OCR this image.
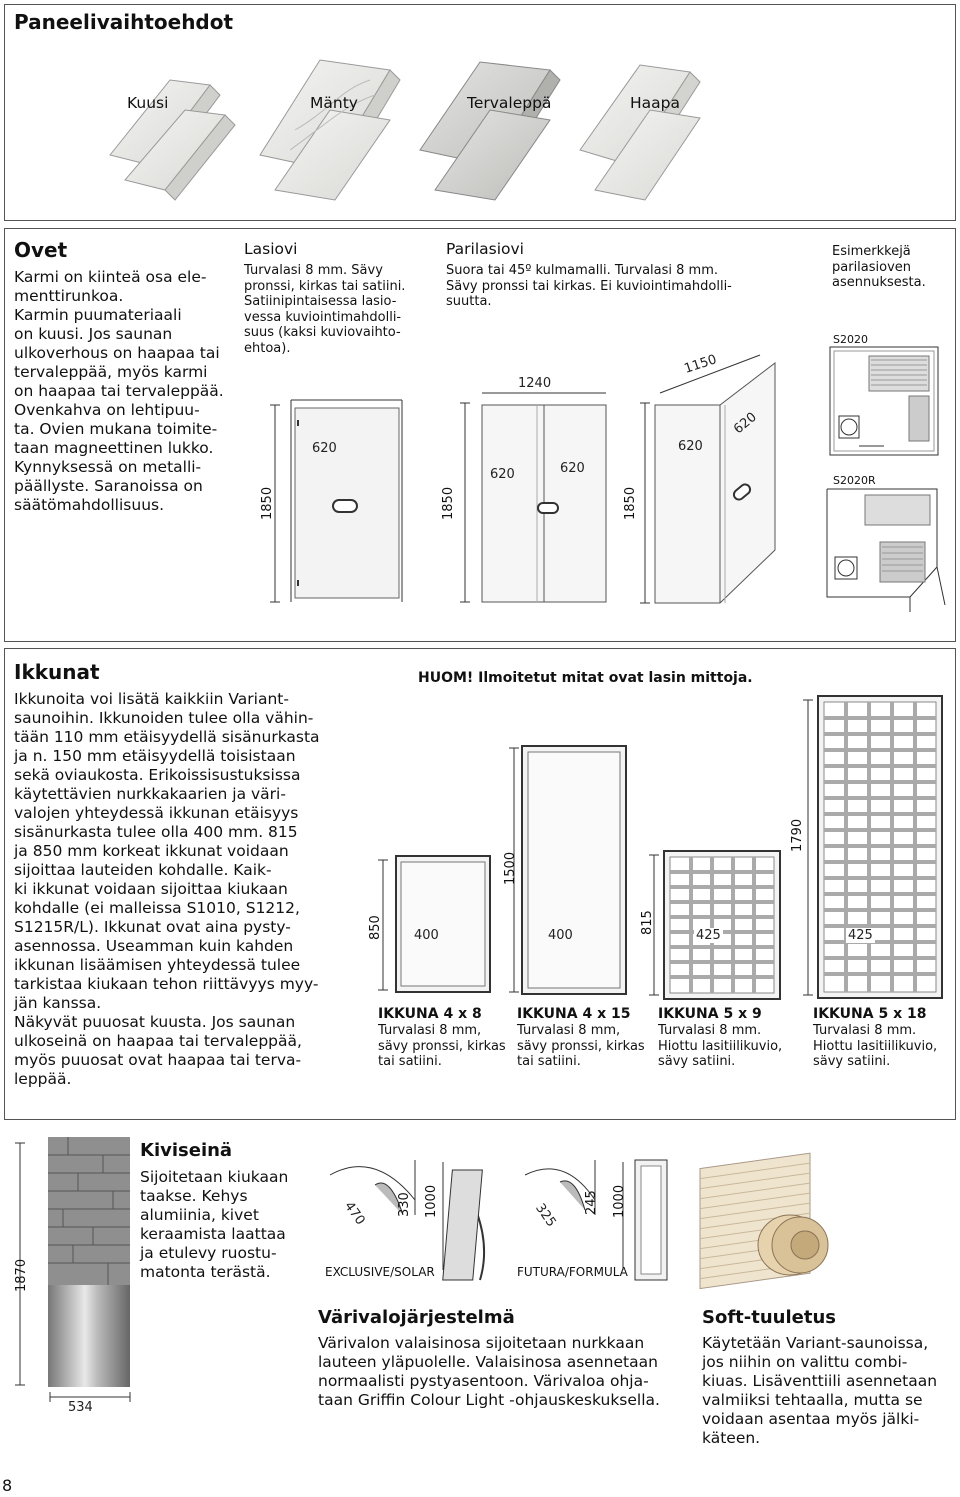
Paneelivaihtoehdot
Kuusi	Mänty	Tervaleppä	Haapa
Ovet
Karmi on kiinteä osa ele-
menttirunkoa.
Karmin puumateriaali
on kuusi. Jos saunan
ulkoverhous on haapaa tai
tervaleppää, myös karmi
on haapaa tai tervaleppää.
Ovenkahva on lehtipuu-
ta. Ovien mukana toimite-
taan magneettinen lukko.
Kynnyksessä on metalli-
päällyste. Saranoissa on
säätömahdollisuus.
Lasiovi
Turvalasi 8 mm. Sävy
pronssi, kirkas tai satiini.
Satiinipintaisessa lasio-
vessa kuviointimahdolli-
suus (kaksi kuviovaihto-
ehtoa).
620
1850
Parilasiovi
Suora tai 45º kulmamalli. Turvalasi 8 mm.
Sävy pronssi tai kirkas. Ei kuviointimahdolli-
suutta.
1240
620	620
1850
1150
620
620
1850
Esimerkkejä
parilasioven
asennuksesta.
S2020
S2020R
Ikkunat
Ikkunoita voi lisätä kaikkiin Variant-
saunoihin. Ikkunoiden tulee olla vähin-
tään 110 mm etäisyydellä sisänurkasta
ja n. 150 mm etäisyydellä toisistaan
sekä oviaukosta. Erikoissisustuksissa
käytettävien nurkkakaarien ja väri-
valojen yhteydessä ikkunan etäisyys
sisänurkasta tulee olla 400 mm. 815
ja 850 mm korkeat ikkunat voidaan
sijoittaa lauteiden kohdalle. Kaik-
ki ikkunat voidaan sijoittaa kiukaan
kohdalle (ei malleissa S1010, S1212,
S1215R/L). Ikkunat ovat aina pysty-
asennossa. Useamman kuin kahden
ikkunan lisäämisen yhteydessä tulee
tarkistaa kiukaan tehon riittävyys myy-
jän kanssa.
Näkyvät puuosat kuusta. Jos saunan
ulkoseinä on haapaa tai tervaleppää,
myös puuosat ovat haapaa tai terva-
leppää.
HUOM! Ilmoitetut mitat ovat lasin mittoja.
850 400
IKKUNA 4 x 8
Turvalasi 8 mm,
sävy pronssi, kirkas
tai satiini.
1500
400
IKKUNA 4 x 15
Turvalasi 8 mm,
sävy pronssi, kirkas
tai satiini.
815
425
IKKUNA 5 x 9
Turvalasi 8 mm.
Hiottu lasitiilikuvio,
sävy satiini.
1790
425
IKKUNA 5 x 18
Turvalasi 8 mm.
Hiottu lasitiilikuvio,
sävy satiini.
1870
534
Kiviseinä
Sijoitetaan kiukaan
taakse. Kehys
alumiinia, kivet
keraamista laattaa
ja etulevy ruostu-
matonta terästä.
470 330 1000
EXCLUSIVE/SOLAR
325 245 1000
FUTURA/FORMULA
Värivalojärjestelmä
Värivalon valaisinosa sijoitetaan nurkkaan
lauteen yläpuolelle. Valaisinosa asennetaan
normaalisti pystyasentoon. Värivaloa ohja-
taan Griffin Colour Light -ohjauskeskuksella.
Soft-tuuletus
Käytetään Variant-saunoissa,
jos niihin on valittu combi-
kiuas. Lisäventtiili asennetaan
valmiiksi tehtaalla, mutta se
voidaan asentaa myös jälki-
käteen.
8
